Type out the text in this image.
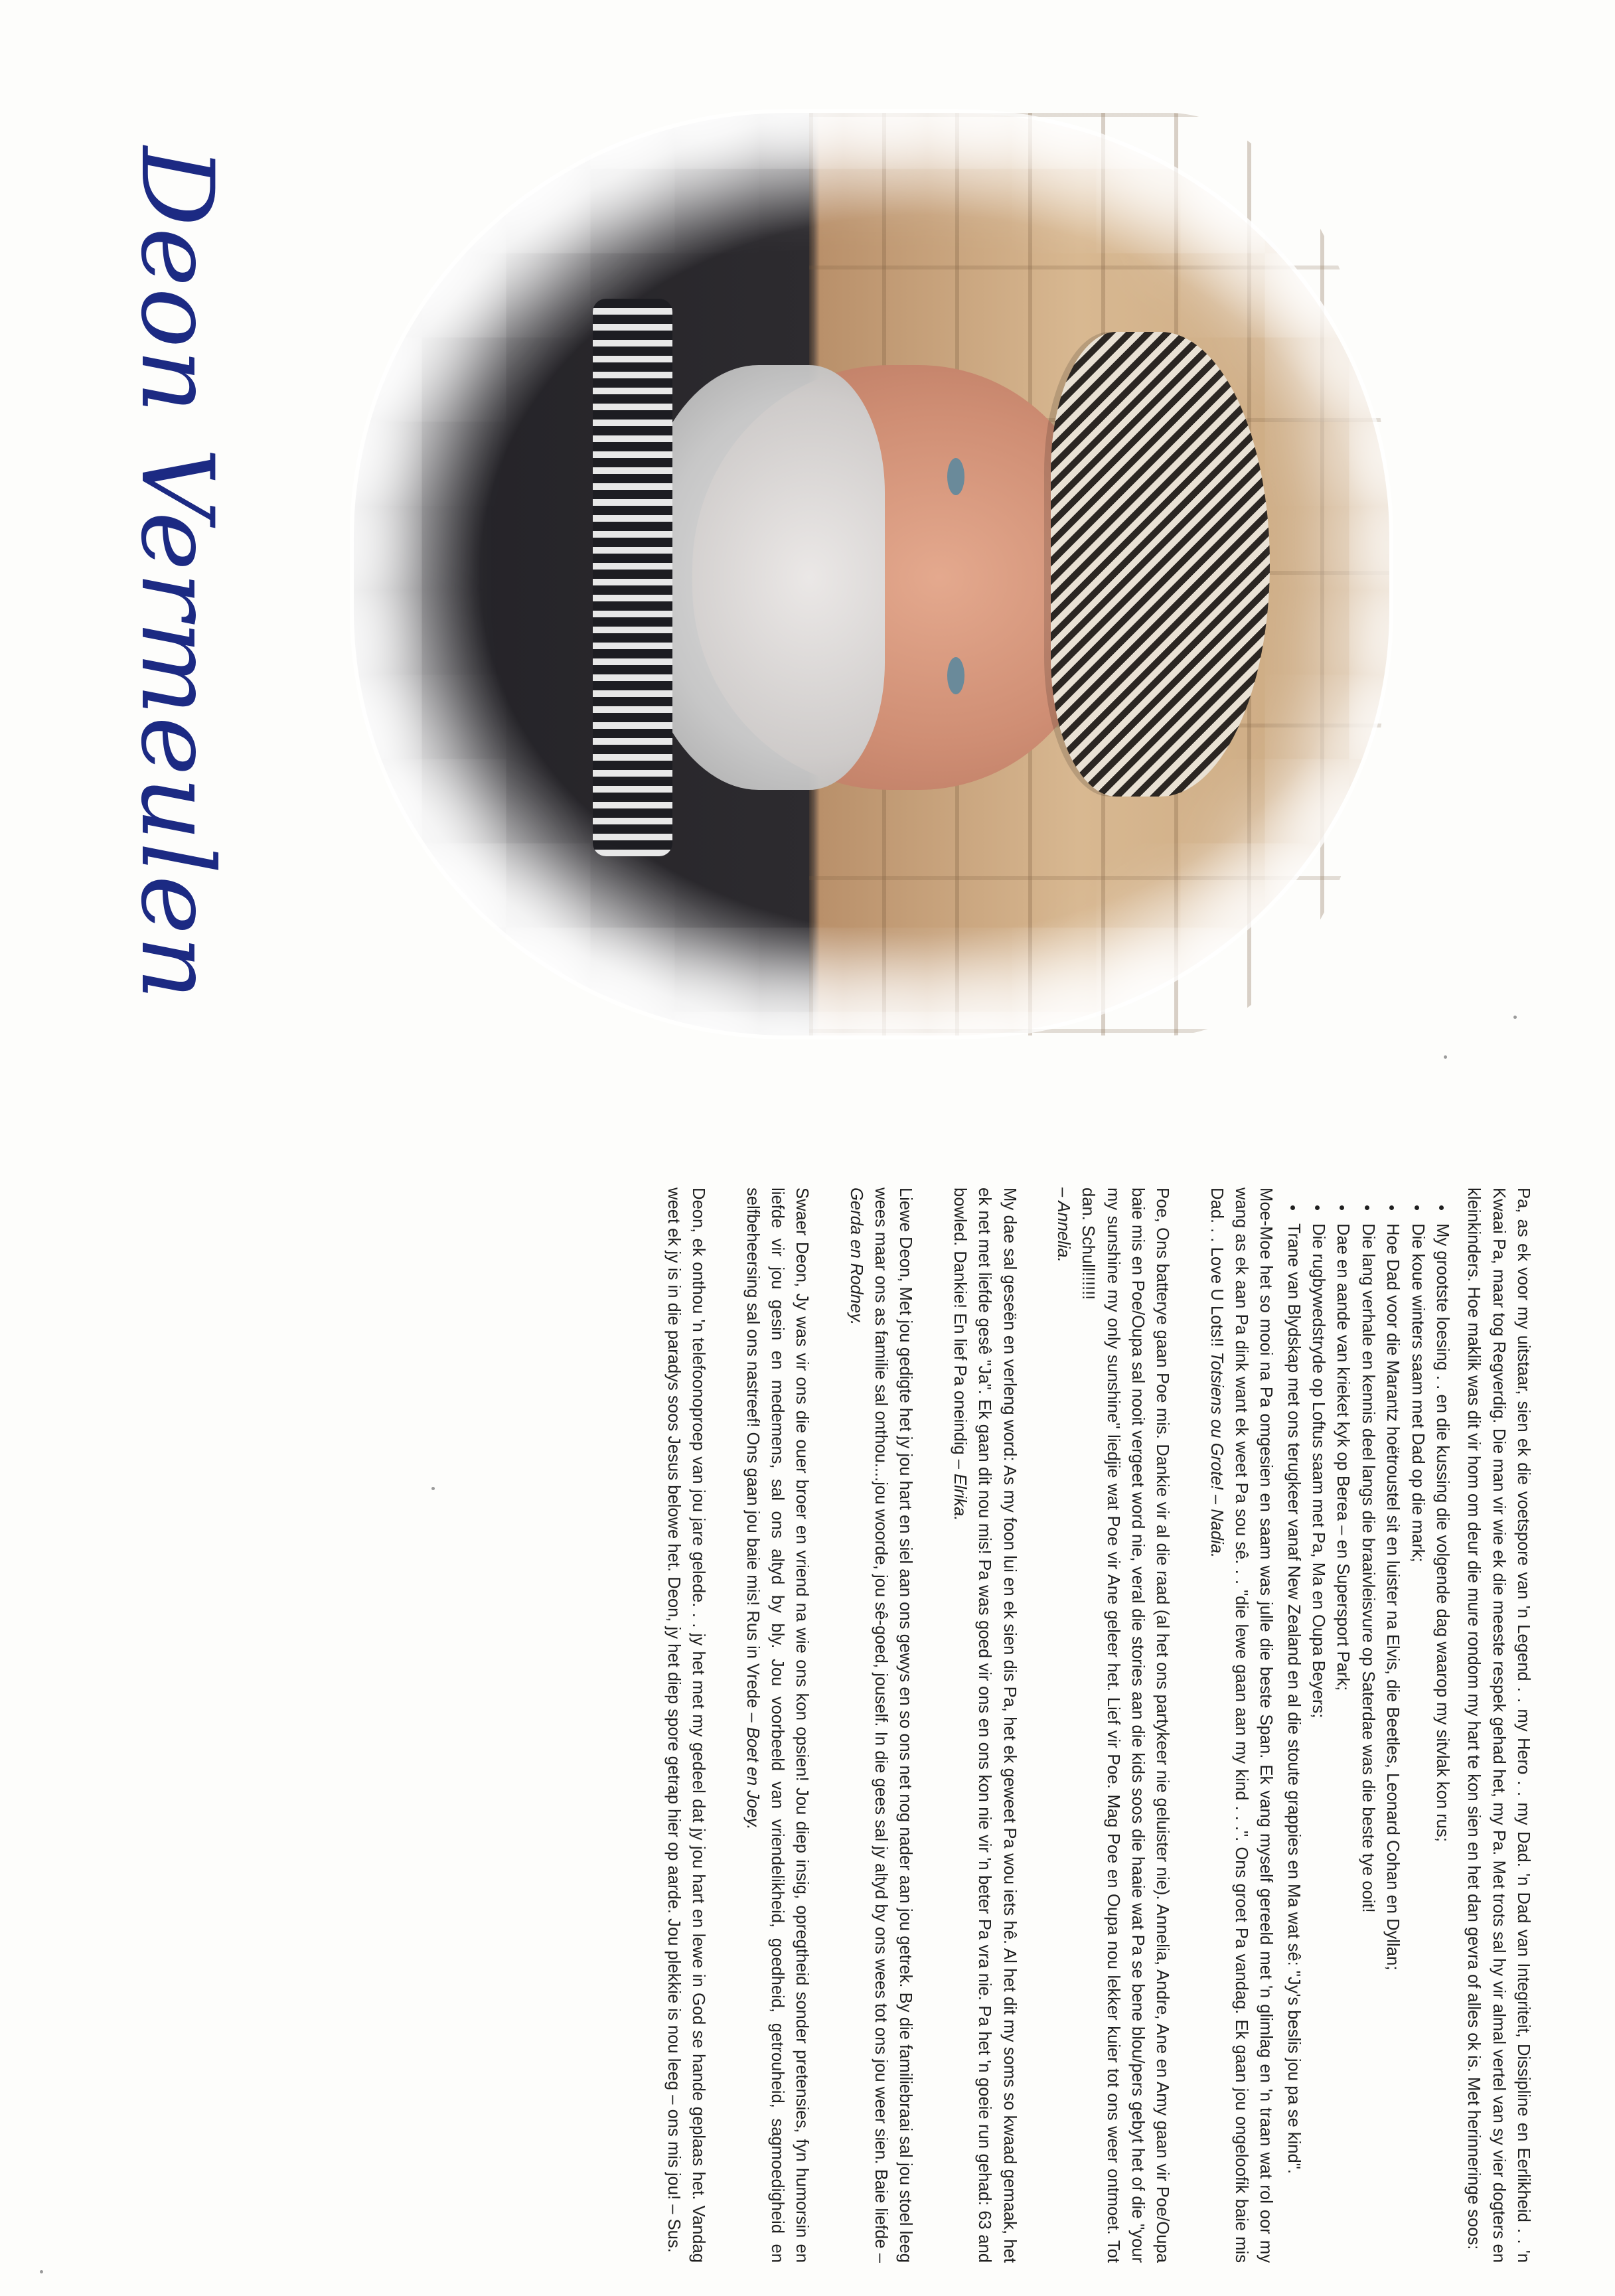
Deon Vermeulen

Pa, as ek voor my uitstaar, sien ek die voetspore van 'n Legend . . my Hero . . my Dad. 'n Dad van Integriteit, Dissipline en Eerlikheid . . 'n Kwaai Pa, maar tog Regverdig. Die man vir wie ek die meeste respek gehad het, my Pa. Met trots sal hy vir almal vertel van sy vier dogters en kleinkinders. Hoe maklik was dit vir hom om deur die mure rondom my hart te kon sien en het dan gevra of alles ok is. Met herinneringe soos:

• My grootste loesing . . en die kussing die volgende dag waarop my sitvlak kon rus;
• Die koue winters saam met Dad op die mark;
• Hoe Dad voor die Marantz hoëtroustel sit en luister na Elvis, die Beetles, Leonard Cohan en Dyllan;
• Die lang verhale en kennis deel langs die braaivleisvure op Saterdae was die beste tye ooit!
• Dae en aande van krieket kyk op Berea – en Supersport Park;
• Die rugbywedstryde op Loftus saam met Pa, Ma en Oupa Beyers;
• Trane van Blydskap met ons terugkeer vanaf New Zealand en al die stoute grappies en Ma wat sê: "Jy's beslis jou pa se kind".

Moe-Moe het so mooi na Pa omgesien en saam was julle die beste Span. Ek vang myself gereeld met 'n glimlag en 'n traan wat rol oor my wang as ek aan Pa dink want ek weet Pa sou sê. . . "die lewe gaan aan my kind . . .". Ons groet Pa vandag. Ek gaan jou ongeloofik baie mis Dad. . . Love U Lots!! Totsiens ou Grote! – Nadia.

Poe, Ons batterye gaan Poe mis. Dankie vir al die raad (al het ons partykeer nie geluister nie). Annelia, Andre, Ane en Amy gaan vir Poe/Oupa baie mis en Poe/Oupa sal nooit vergeet word nie, veral die stories aan die kids soos die haaie wat Pa se bene blou/pers gebyt het of die "your my sunshine my only sunshine" liedjie wat Poe vir Ane geleer het. Lief vir Poe. Mag Poe en Oupa nou lekker kuier tot ons weer ontmoet. Tot dan. Schull!!!!!!
– Annelia.

My dae sal geseën en verleng word: As my foon lui en ek sien dis Pa, het ek geweet Pa wou iets hê. Al het dit my soms so kwaad gemaak, het ek net met liefde gesê "Ja". Ek gaan dit nou mis! Pa was goed vir ons en ons kon nie vir 'n beter Pa vra nie. Pa het 'n goeie run gehad: 63 and bowled. Dankie! En lief Pa oneindig – Elrika.

Liewe Deon, Met jou gedigte het jy jou hart en siel aan ons gewys en so ons net nog nader aan jou getrek. By die familiebraai sal jou stoel leeg wees maar ons as familie sal onthou....jou woorde, jou sê-goed, jouself. In die gees sal jy altyd by ons wees tot ons jou weer sien. Baie liefde – Gerda en Rodney.

Swaer Deon, Jy was vir ons die ouer broer en vriend na wie ons kon opsien! Jou diep insig, opregtheid sonder pretensies, fyn humorsin en liefde vir jou gesin en medemens, sal ons altyd by bly. Jou voorbeeld van vriendelikheid, goedheid, getrouheid, sagmoedigheid en selfbeheersing sal ons nastreef! Ons gaan jou baie mis! Rus in Vrede – Boet en Joey.

Deon, ek onthou 'n telefoonoproep van jou jare gelede. . . jy het met my gedeel dat jy jou hart en lewe in God se hande geplaas het. Vandag weet ek jy is in die paradys soos Jesus belowe het. Deon, jy het diep spore getrap hier op aarde. Jou plekkie is nou leeg – ons mis jou! – Sus.
